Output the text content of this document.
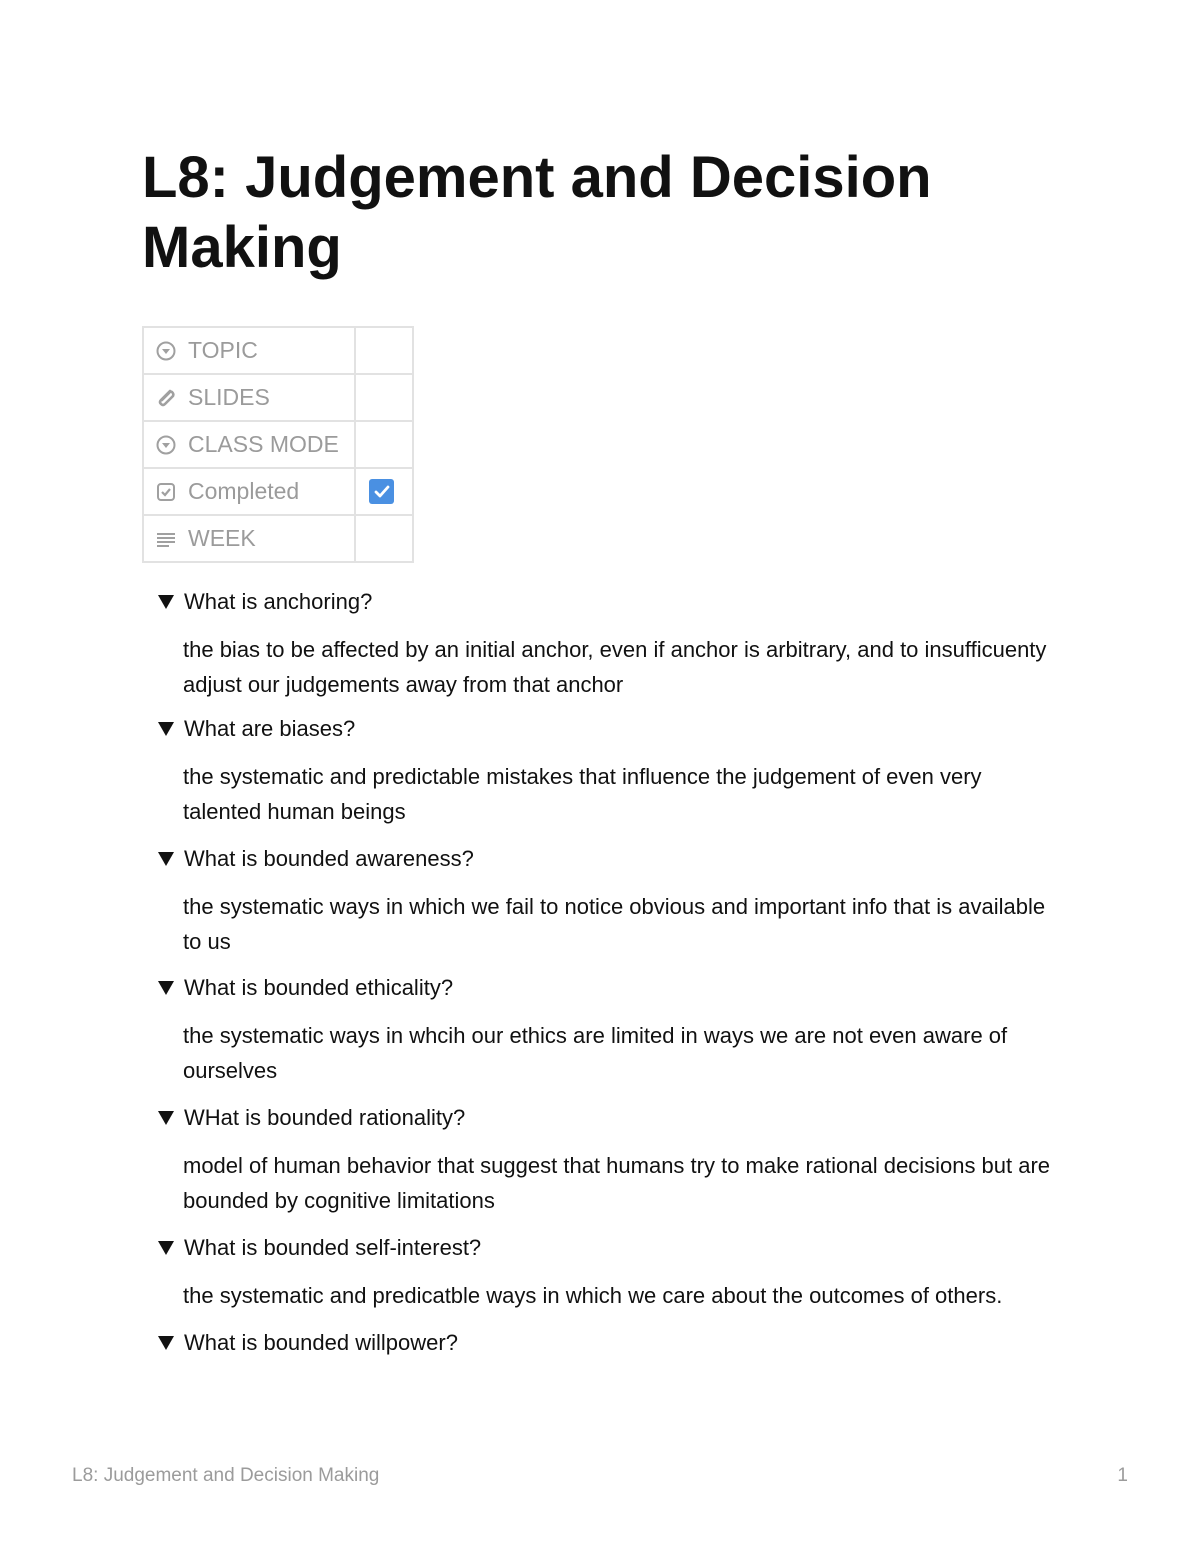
L8: Judgement and Decision Making
TOPIC	

SLIDES	

CLASS MODE	

Completed

WEEK	

What is anchoring?
the bias to be affected by an initial anchor, even if anchor is arbitrary, and to insufficuenty adjust our judgements away from that anchor
What are biases?
the systematic and predictable mistakes that influence the judgement of even very talented human beings
What is bounded awareness?
the systematic ways in which we fail to notice obvious and important info that is available to us
What is bounded ethicality?
the systematic ways in whcih our ethics are limited in ways we are not even aware of ourselves
WHat is bounded rationality?
model of human behavior that suggest that humans try to make rational decisions but are bounded by cognitive limitations
What is bounded self-interest?
the systematic and predicatble ways in which we care about the outcomes of others.
What is bounded willpower?
L8: Judgement and Decision Making	1
